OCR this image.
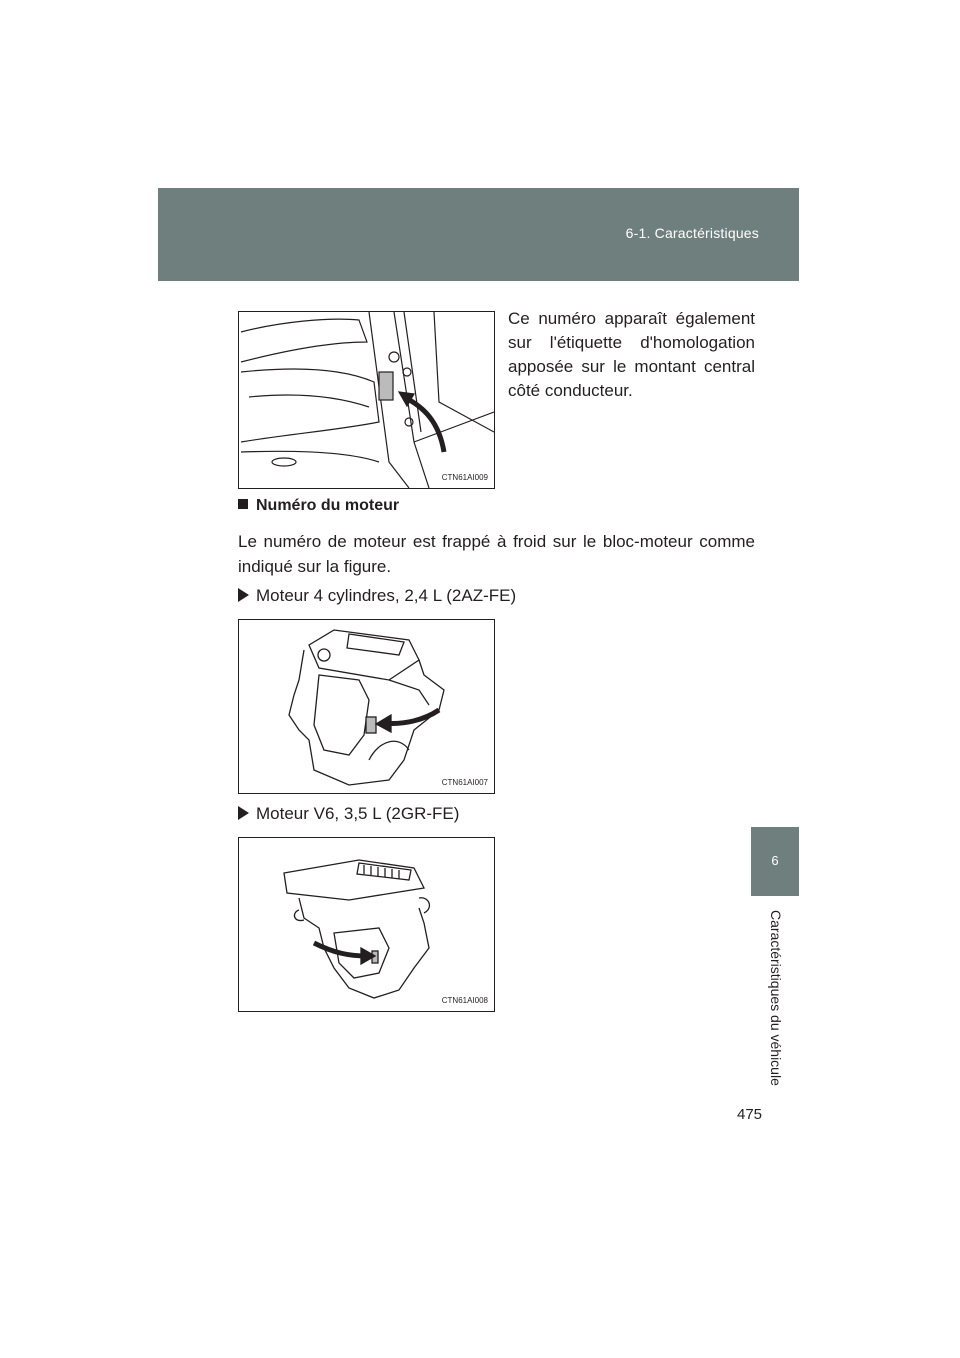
6-1. Caractéristiques
6
Caractéristiques du véhicule
CTN61AI009
Ce numéro apparaît également sur l'étiquette d'homologation apposée sur le montant central côté conducteur.
Numéro du moteur
Le numéro de moteur est frappé à froid sur le bloc-moteur comme indiqué sur la figure.
Moteur 4 cylindres, 2,4 L (2AZ-FE)
CTN61AI007
Moteur V6, 3,5 L (2GR-FE)
CTN61AI008
475
